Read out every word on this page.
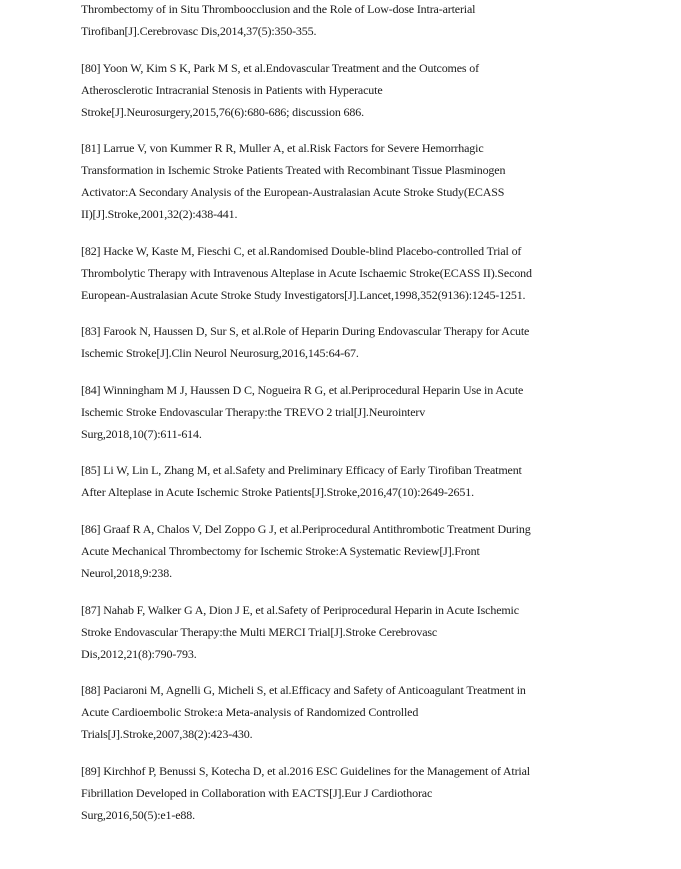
Thrombectomy of in Situ Thromboocclusion and the Role of Low-dose Intra-arterial
Tirofiban[J].Cerebrovasc Dis,2014,37(5):350-355.
[80] Yoon W, Kim S K, Park M S, et al.Endovascular Treatment and the Outcomes of
Atherosclerotic Intracranial Stenosis in Patients with Hyperacute
Stroke[J].Neurosurgery,2015,76(6):680-686; discussion 686.
[81] Larrue V, von Kummer R R, Muller A, et al.Risk Factors for Severe Hemorrhagic
Transformation in Ischemic Stroke Patients Treated with Recombinant Tissue Plasminogen
Activator:A Secondary Analysis of the European-Australasian Acute Stroke Study(ECASS
II)[J].Stroke,2001,32(2):438-441.
[82] Hacke W, Kaste M, Fieschi C, et al.Randomised Double-blind Placebo-controlled Trial of
Thrombolytic Therapy with Intravenous Alteplase in Acute Ischaemic Stroke(ECASS II).Second
European-Australasian Acute Stroke Study Investigators[J].Lancet,1998,352(9136):1245-1251.
[83] Farook N, Haussen D, Sur S, et al.Role of Heparin During Endovascular Therapy for Acute
Ischemic Stroke[J].Clin Neurol Neurosurg,2016,145:64-67.
[84] Winningham M J, Haussen D C, Nogueira R G, et al.Periprocedural Heparin Use in Acute
Ischemic Stroke Endovascular Therapy:the TREVO 2 trial[J].Neurointerv
Surg,2018,10(7):611-614.
[85] Li W, Lin L, Zhang M, et al.Safety and Preliminary Efficacy of Early Tirofiban Treatment
After Alteplase in Acute Ischemic Stroke Patients[J].Stroke,2016,47(10):2649-2651.
[86] Graaf R A, Chalos V, Del Zoppo G J, et al.Periprocedural Antithrombotic Treatment During
Acute Mechanical Thrombectomy for Ischemic Stroke:A Systematic Review[J].Front
Neurol,2018,9:238.
[87] Nahab F, Walker G A, Dion J E, et al.Safety of Periprocedural Heparin in Acute Ischemic
Stroke Endovascular Therapy:the Multi MERCI Trial[J].Stroke Cerebrovasc
Dis,2012,21(8):790-793.
[88] Paciaroni M, Agnelli G, Micheli S, et al.Efficacy and Safety of Anticoagulant Treatment in
Acute Cardioembolic Stroke:a Meta-analysis of Randomized Controlled
Trials[J].Stroke,2007,38(2):423-430.
[89] Kirchhof P, Benussi S, Kotecha D, et al.2016 ESC Guidelines for the Management of Atrial
Fibrillation Developed in Collaboration with EACTS[J].Eur J Cardiothorac
Surg,2016,50(5):e1-e88.
